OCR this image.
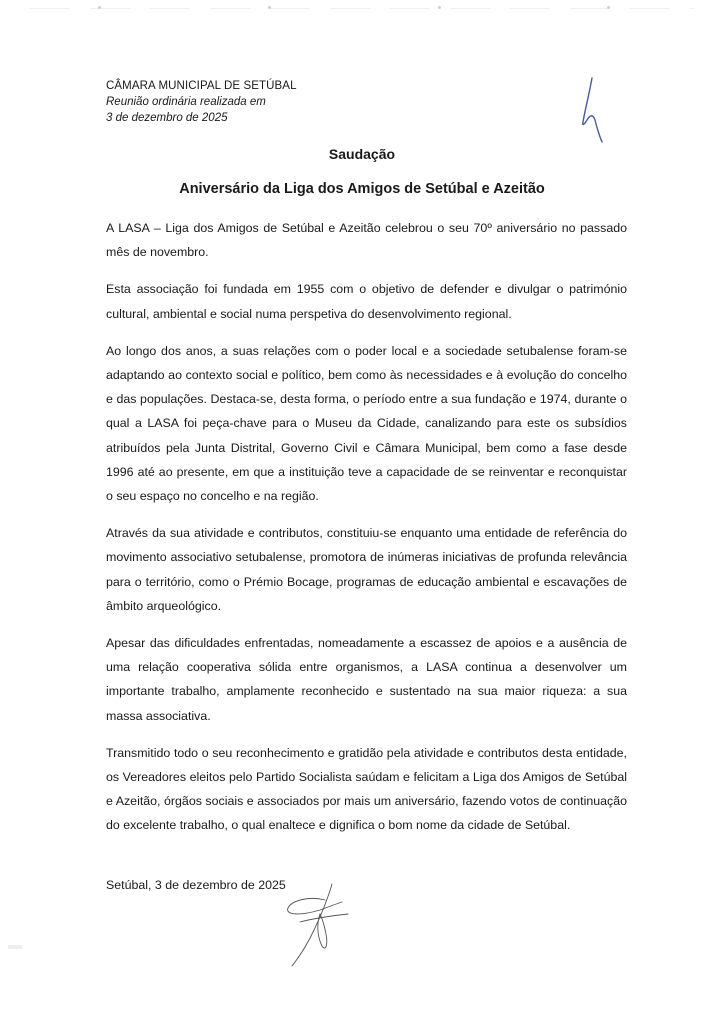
CÂMARA MUNICIPAL DE SETÚBAL
Reunião ordinária realizada em
3 de dezembro de 2025
Saudação
Aniversário da Liga dos Amigos de Setúbal e Azeitão

A LASA – Liga dos Amigos de Setúbal e Azeitão celebrou o seu 70º aniversário no passado mês de novembro.

Esta associação foi fundada em 1955 com o objetivo de defender e divulgar o património cultural, ambiental e social numa perspetiva do desenvolvimento regional.

Ao longo dos anos, a suas relações com o poder local e a sociedade setubalense foram-se adaptando ao contexto social e político, bem como às necessidades e à evolução do concelho e das populações. Destaca-se, desta forma, o período entre a sua fundação e 1974, durante o qual a LASA foi peça-chave para o Museu da Cidade, canalizando para este os subsídios atribuídos pela Junta Distrital, Governo Civil e Câmara Municipal, bem como a fase desde 1996 até ao presente, em que a instituição teve a capacidade de se reinventar e reconquistar o seu espaço no concelho e na região.

Através da sua atividade e contributos, constituiu-se enquanto uma entidade de referência do movimento associativo setubalense, promotora de inúmeras iniciativas de profunda relevância para o território, como o Prémio Bocage, programas de educação ambiental e escavações de âmbito arqueológico.

Apesar das dificuldades enfrentadas, nomeadamente a escassez de apoios e a ausência de uma relação cooperativa sólida entre organismos, a LASA continua a desenvolver um importante trabalho, amplamente reconhecido e sustentado na sua maior riqueza: a sua massa associativa.

Transmitido todo o seu reconhecimento e gratidão pela atividade e contributos desta entidade, os Vereadores eleitos pelo Partido Socialista saúdam e felicitam a Liga dos Amigos de Setúbal e Azeitão, órgãos sociais e associados por mais um aniversário, fazendo votos de continuação do excelente trabalho, o qual enaltece e dignifica o bom nome da cidade de Setúbal.

Setúbal, 3 de dezembro de 2025
